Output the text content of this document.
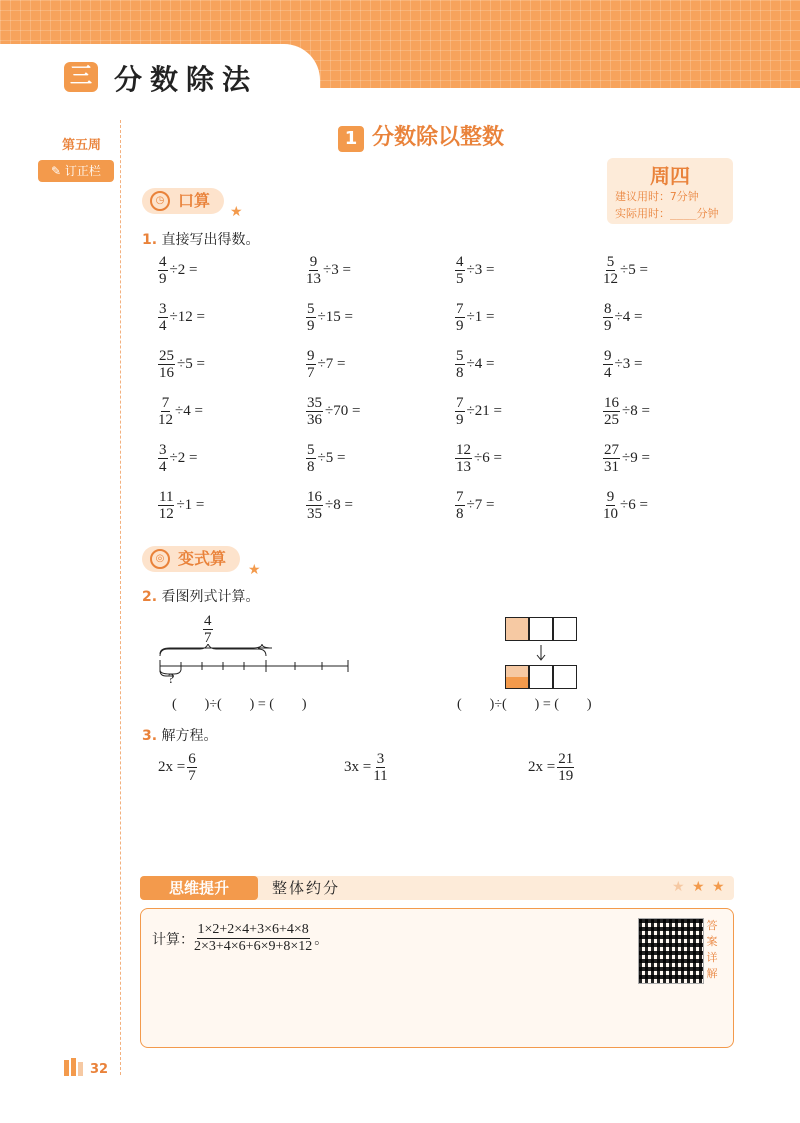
三 分数除法
第五周
✎ 订正栏
1 分数除以整数
周四
建议用时：7分钟
实际用时：____分钟
◷ 口算
★
1. 直接写出得数。
$\frac{4}{9} \div 2$ =	$\frac{9}{13} \div 3$ =	$\frac{4}{5} \div 3$ =	$\frac{5}{12} \div 5$ =
$\frac{3}{4} \div 12$ =	$\frac{5}{9} \div 15$ =	$\frac{7}{9} \div 1$ =	$\frac{8}{9} \div 4$ =
$\frac{25}{16} \div 5$ =	$\frac{9}{7} \div 7$ =	$\frac{5}{8} \div 4$ =	$\frac{9}{4} \div 3$ =
$\frac{7}{12} \div 4$ =	$\frac{35}{36} \div 70$ =	$\frac{7}{9} \div 21$ =	$\frac{16}{25} \div 8$ =
$\frac{3}{4} \div 2$ =	$\frac{5}{8} \div 5$ =	$\frac{12}{13} \div 6$ =	$\frac{27}{31} \div 9$ =
$\frac{11}{12} \div 1$ =	$\frac{16}{35} \div 8$ =	$\frac{7}{8} \div 7$ =	$\frac{9}{10} \div 6$ =
◎ 变式算
★
2. 看图列式计算。
$\frac{4}{7}$
?
(        )÷(        ) = (        )	(        )÷(        ) = (        )
3. 解方程。
$2x = \frac{6}{7}$	$3x = \frac{3}{11}$	$2x = \frac{21}{19}$
思维提升	整体约分	★ ★ ★
计算： $\frac{1\times 2+2\times 4+3\times 6+4\times 8}{2\times 3+4\times 6+6\times 9+8\times 12}$ 。
答案详解
32
